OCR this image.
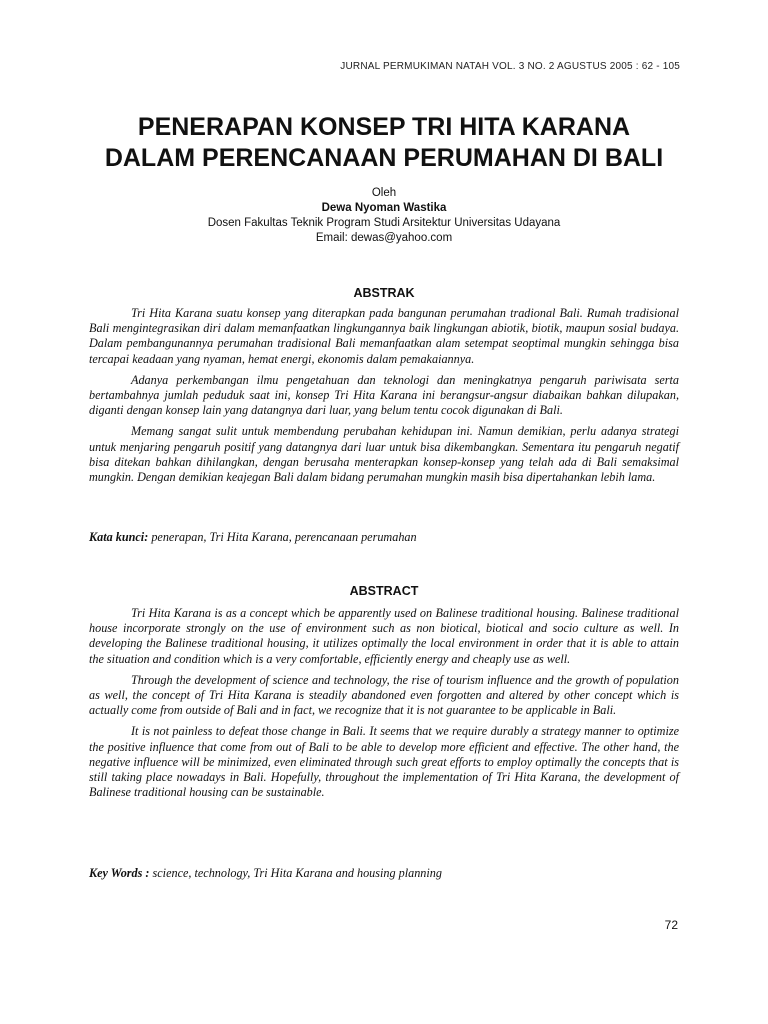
JURNAL PERMUKIMAN NATAH VOL. 3 NO. 2 AGUSTUS 2005 : 62 - 105
PENERAPAN KONSEP TRI HITA KARANA
DALAM PERENCANAAN PERUMAHAN DI BALI
Oleh
Dewa Nyoman Wastika
Dosen Fakultas Teknik Program Studi Arsitektur Universitas Udayana
Email: dewas@yahoo.com
ABSTRAK

Tri Hita Karana suatu konsep yang diterapkan pada bangunan perumahan tradional Bali. Rumah tradisional Bali mengintegrasikan diri dalam memanfaatkan lingkungannya baik lingkungan abiotik, biotik, maupun sosial budaya. Dalam pembangunannya perumahan tradisional Bali memanfaatkan alam setempat seoptimal mungkin sehingga bisa tercapai keadaan yang nyaman, hemat energi, ekonomis dalam pemakaiannya.

Adanya perkembangan ilmu pengetahuan dan teknologi dan meningkatnya pengaruh pariwisata serta bertambahnya jumlah peduduk saat ini, konsep Tri Hita Karana ini berangsur-angsur diabaikan bahkan dilupakan, diganti dengan konsep lain yang datangnya dari luar, yang belum tentu cocok digunakan di Bali.

Memang sangat sulit untuk membendung perubahan kehidupan ini. Namun demikian, perlu adanya strategi untuk menjaring pengaruh positif yang datangnya dari luar untuk bisa dikembangkan. Sementara itu pengaruh negatif bisa ditekan bahkan dihilangkan, dengan berusaha menterapkan konsep-konsep yang telah ada di Bali semaksimal mungkin. Dengan demikian keajegan Bali dalam bidang perumahan mungkin masih bisa dipertahankan lebih lama.

Kata kunci: penerapan, Tri Hita Karana, perencanaan perumahan
ABSTRACT

Tri Hita Karana is as a concept which be apparently used on Balinese traditional housing. Balinese traditional house incorporate strongly on the use of environment such as non biotical, biotical and socio culture as well. In developing the Balinese traditional housing, it utilizes optimally the local environment in order that it is able to attain the situation and condition which is a very comfortable, efficiently energy and cheaply use as well.

Through the development of science and technology, the rise of tourism influence and the growth of population as well, the concept of Tri Hita Karana is steadily abandoned even forgotten and altered by other concept which is actually come from outside of Bali and in fact, we recognize that it is not guarantee to be applicable in Bali.

It is not painless to defeat those change in Bali. It seems that we require durably a strategy manner to optimize the positive influence that come from out of Bali to be able to develop more efficient and effective. The other hand, the negative influence will be minimized, even eliminated through such great efforts to employ optimally the concepts that is still taking place nowadays in Bali. Hopefully, throughout the implementation of Tri Hita Karana, the development of Balinese traditional housing can be sustainable.

Key Words : science, technology, Tri Hita Karana and housing planning
72
